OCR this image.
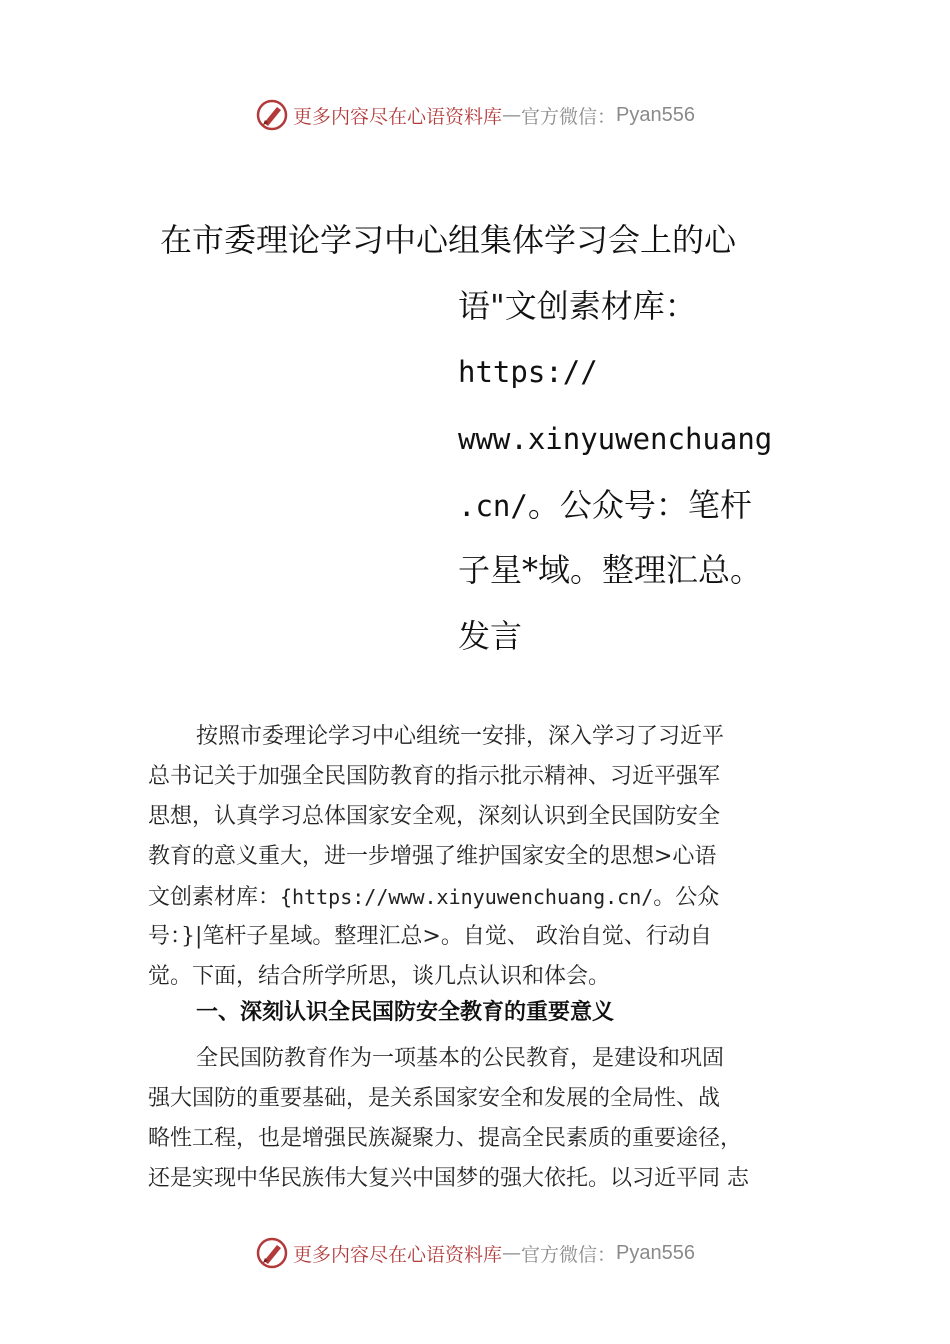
更多内容尽在心语资料库 — 官方微信： Pyan556
在市委理论学习中心组集体学习会上的心
语"文创素材库：
https://
www.xinyuwenchuang
.cn/。公众号：笔杆
子星*域。整理汇总。
发言
按照市委理论学习中心组统一安排，深入学习了习近平
总书记关于加强全民国防教育的指示批示精神、习近平强军
思想，认真学习总体国家安全观，深刻认识到全民国防安全
教育的意义重大，进一步增强了维护国家安全的思想>心语
文创素材库：{https://www.xinyuwenchuang.cn/。公众
号：}|笔杆子星域。整理汇总>。自觉、 政治自觉、行动自
觉。下面，结合所学所思，谈几点认识和体会。
一、深刻认识全民国防安全教育的重要意义
全民国防教育作为一项基本的公民教育，是建设和巩固
强大国防的重要基础，是关系国家安全和发展的全局性、战
略性工程，也是增强民族凝聚力、提高全民素质的重要途径，
还是实现中华民族伟大复兴中国梦的强大依托。以习近平同 志
更多内容尽在心语资料库 — 官方微信： Pyan556
